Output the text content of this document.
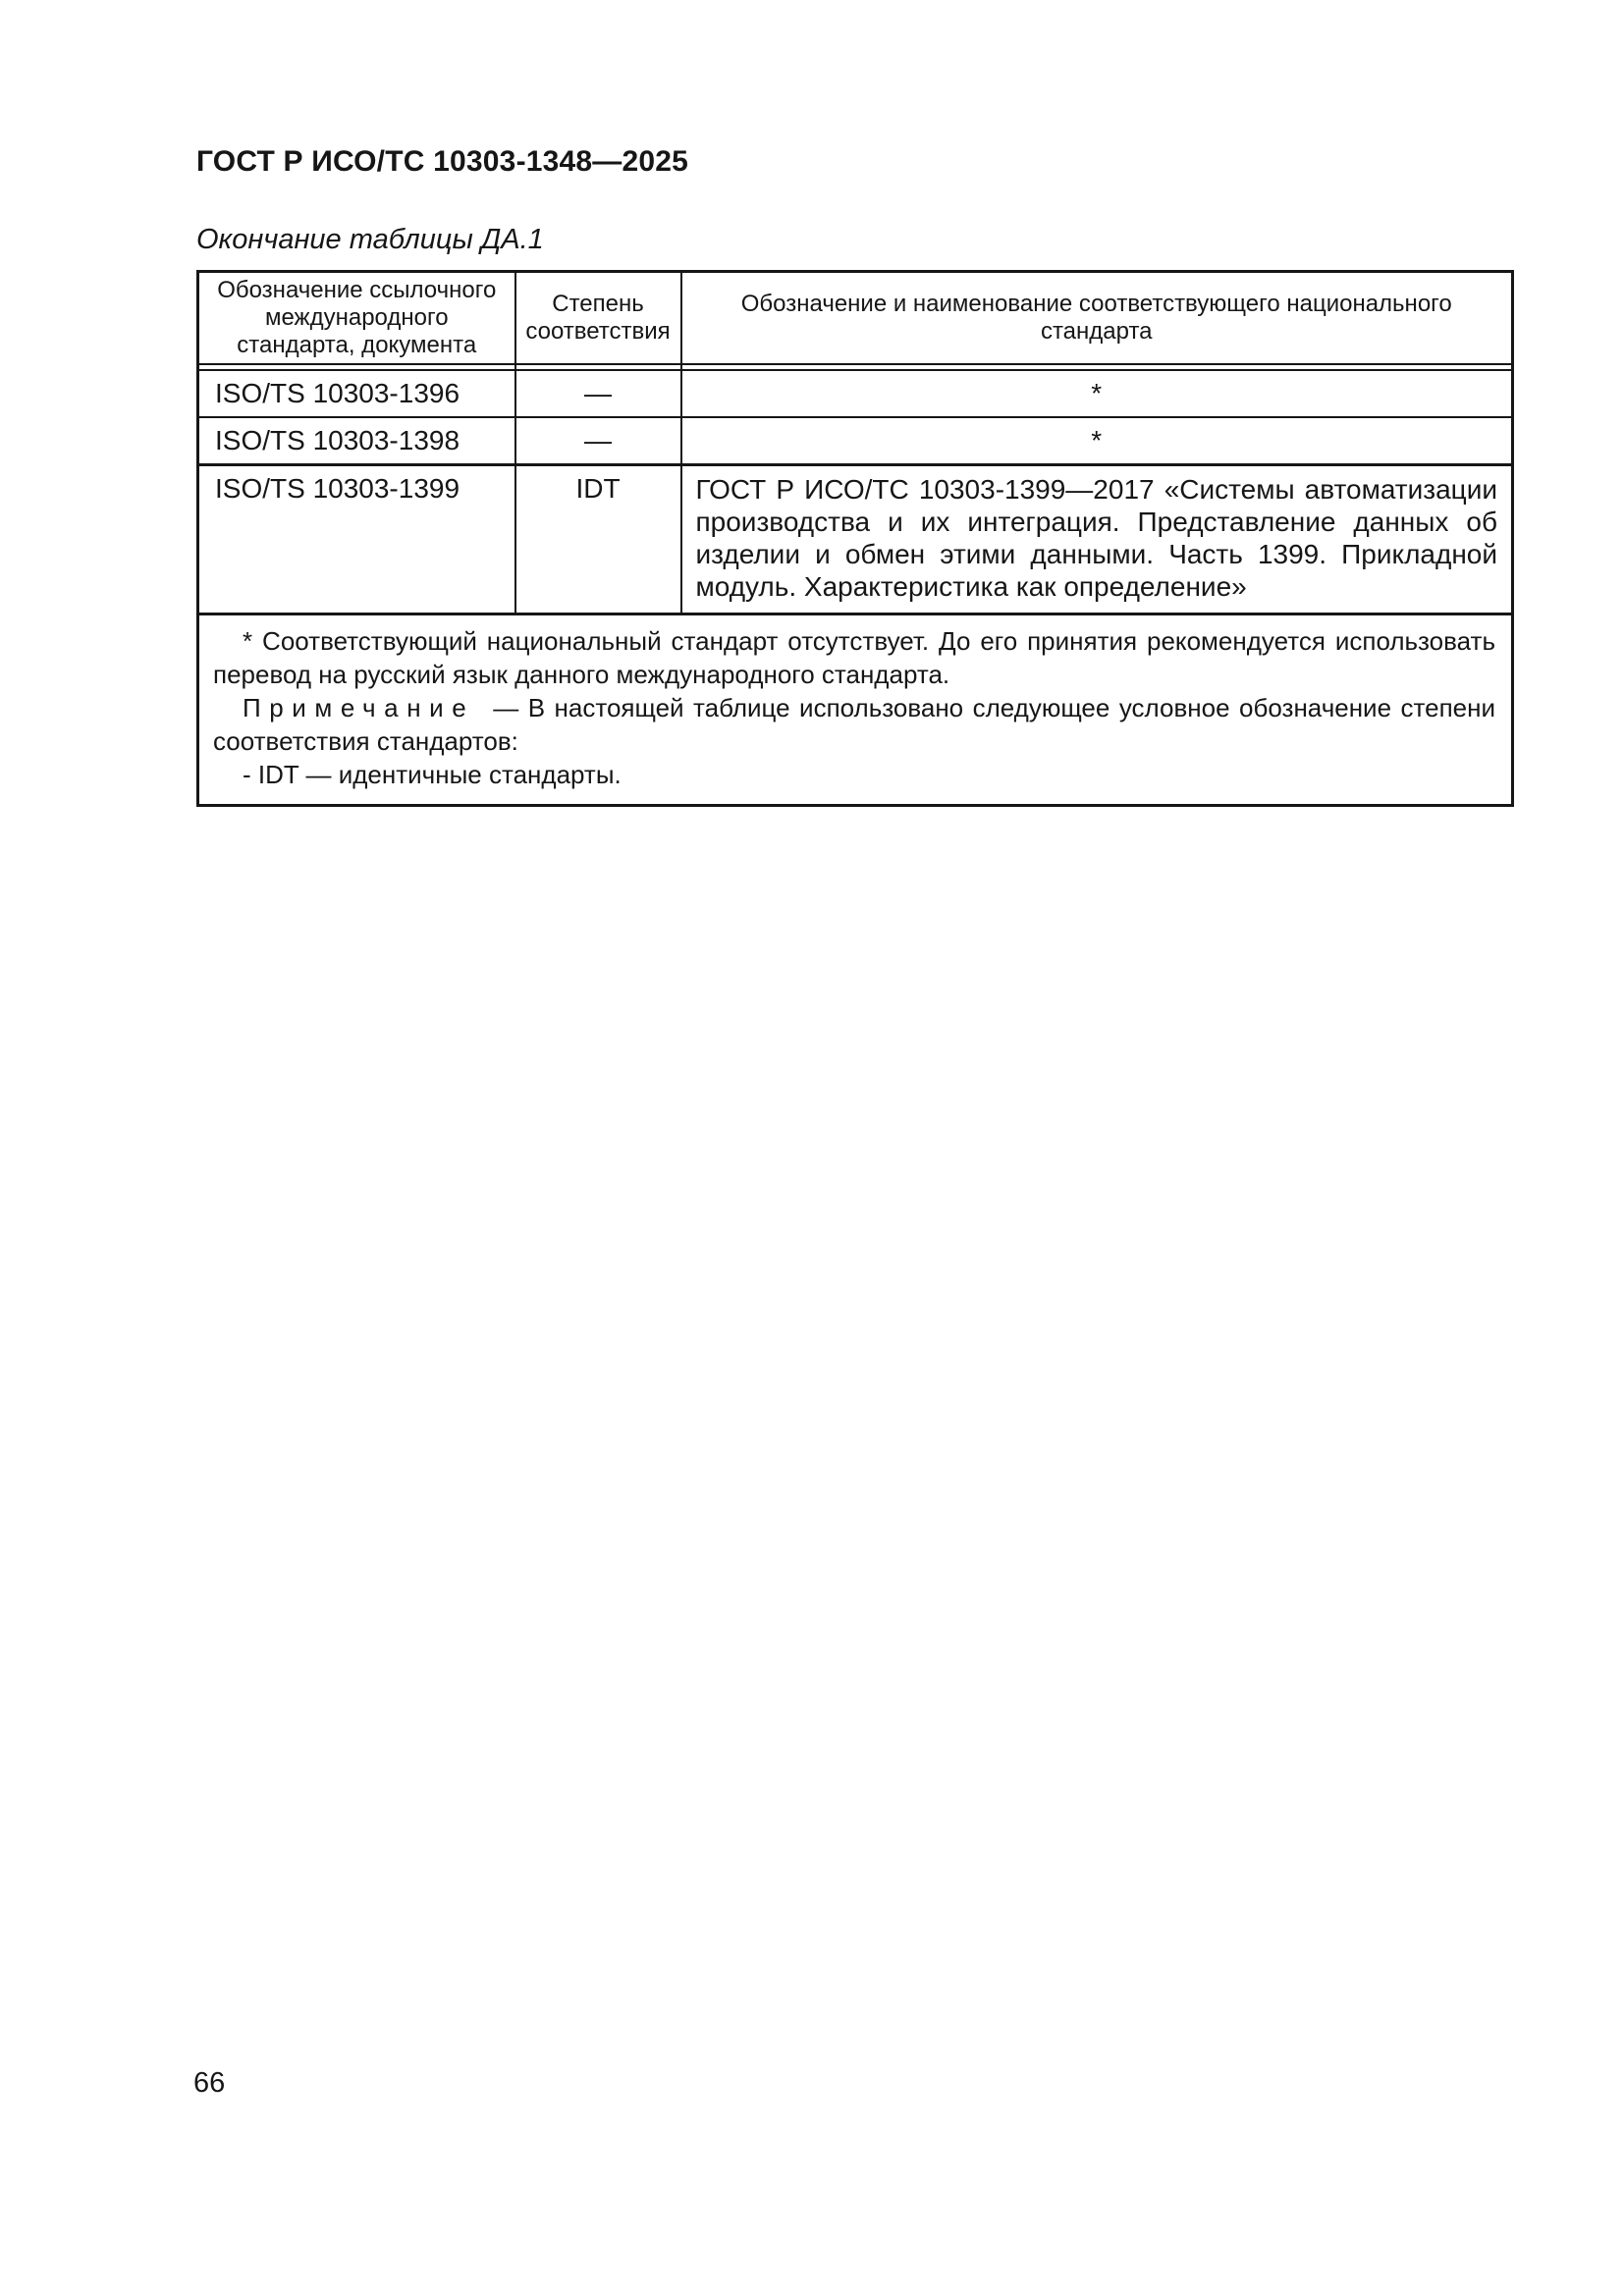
ГОСТ Р ИСО/ТС 10303-1348—2025
Окончание таблицы ДА.1
Обозначение ссылочного международного стандарта, документа	Степень соответствия	Обозначение и наименование соответствующего национального стандарта

ISO/TS 10303-1396	—	*
ISO/TS 10303-1398	—	*
ISO/TS 10303-1399	IDT	ГОСТ Р ИСО/ТС 10303-1399—2017 «Системы автоматизации производства и их интеграция. Представление данных об изделии и обмен этими данными. Часть 1399. Прикладной модуль. Характеристика как определение»

* Соответствующий национальный стандарт отсутствует. До его принятия рекомендуется использовать перевод на русский язык данного международного стандарта.

Примечание — В настоящей таблице использовано следующее условное обозначение степени соответствия стандартов:

- IDT — идентичные стандарты.		

66
